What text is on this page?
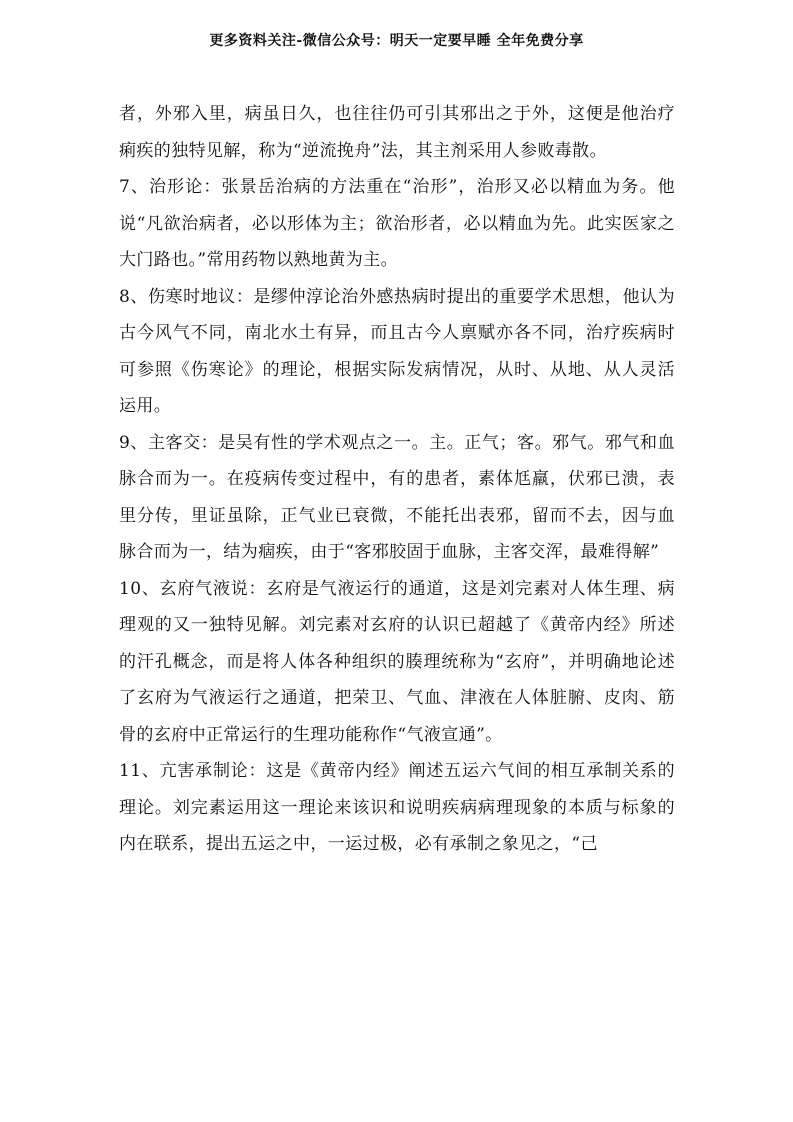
更多资料关注-微信公众号：明天一定要早睡 全年免费分享

者，外邪入里，病虽日久，也往往仍可引其邪出之于外，这便是他治疗痢疾的独特见解，称为“逆流挽舟”法，其主剂采用人参败毒散。

7、治形论：张景岳治病的方法重在“治形”，治形又必以精血为务。他说“凡欲治病者，必以形体为主；欲治形者，必以精血为先。此实医家之大门路也。”常用药物以熟地黄为主。

8、伤寒时地议：是缪仲淳论治外感热病时提出的重要学术思想，他认为古今风气不同，南北水土有异，而且古今人禀赋亦各不同，治疗疾病时可参照《伤寒论》的理论，根据实际发病情况，从时、从地、从人灵活运用。

9、主客交：是吴有性的学术观点之一。主。正气；客。邪气。邪气和血脉合而为一。在疫病传变过程中，有的患者，素体尪羸，伏邪已溃，表里分传，里证虽除，正气业已衰微，不能托出表邪，留而不去，因与血脉合而为一，结为痼疾，由于“客邪胶固于血脉，主客交浑，最难得解”

10、玄府气液说：玄府是气液运行的通道，这是刘完素对人体生理、病理观的又一独特见解。刘完素对玄府的认识已超越了《黄帝内经》所述的汗孔概念，而是将人体各种组织的腠理统称为“玄府”，并明确地论述了玄府为气液运行之通道，把荣卫、气血、津液在人体脏腑、皮肉、筋骨的玄府中正常运行的生理功能称作“气液宣通”。

11、亢害承制论：这是《黄帝内经》阐述五运六气间的相互承制关系的理论。刘完素运用这一理论来该识和说明疾病病理现象的本质与标象的内在联系，提出五运之中，一运过极，必有承制之象见之，“己
